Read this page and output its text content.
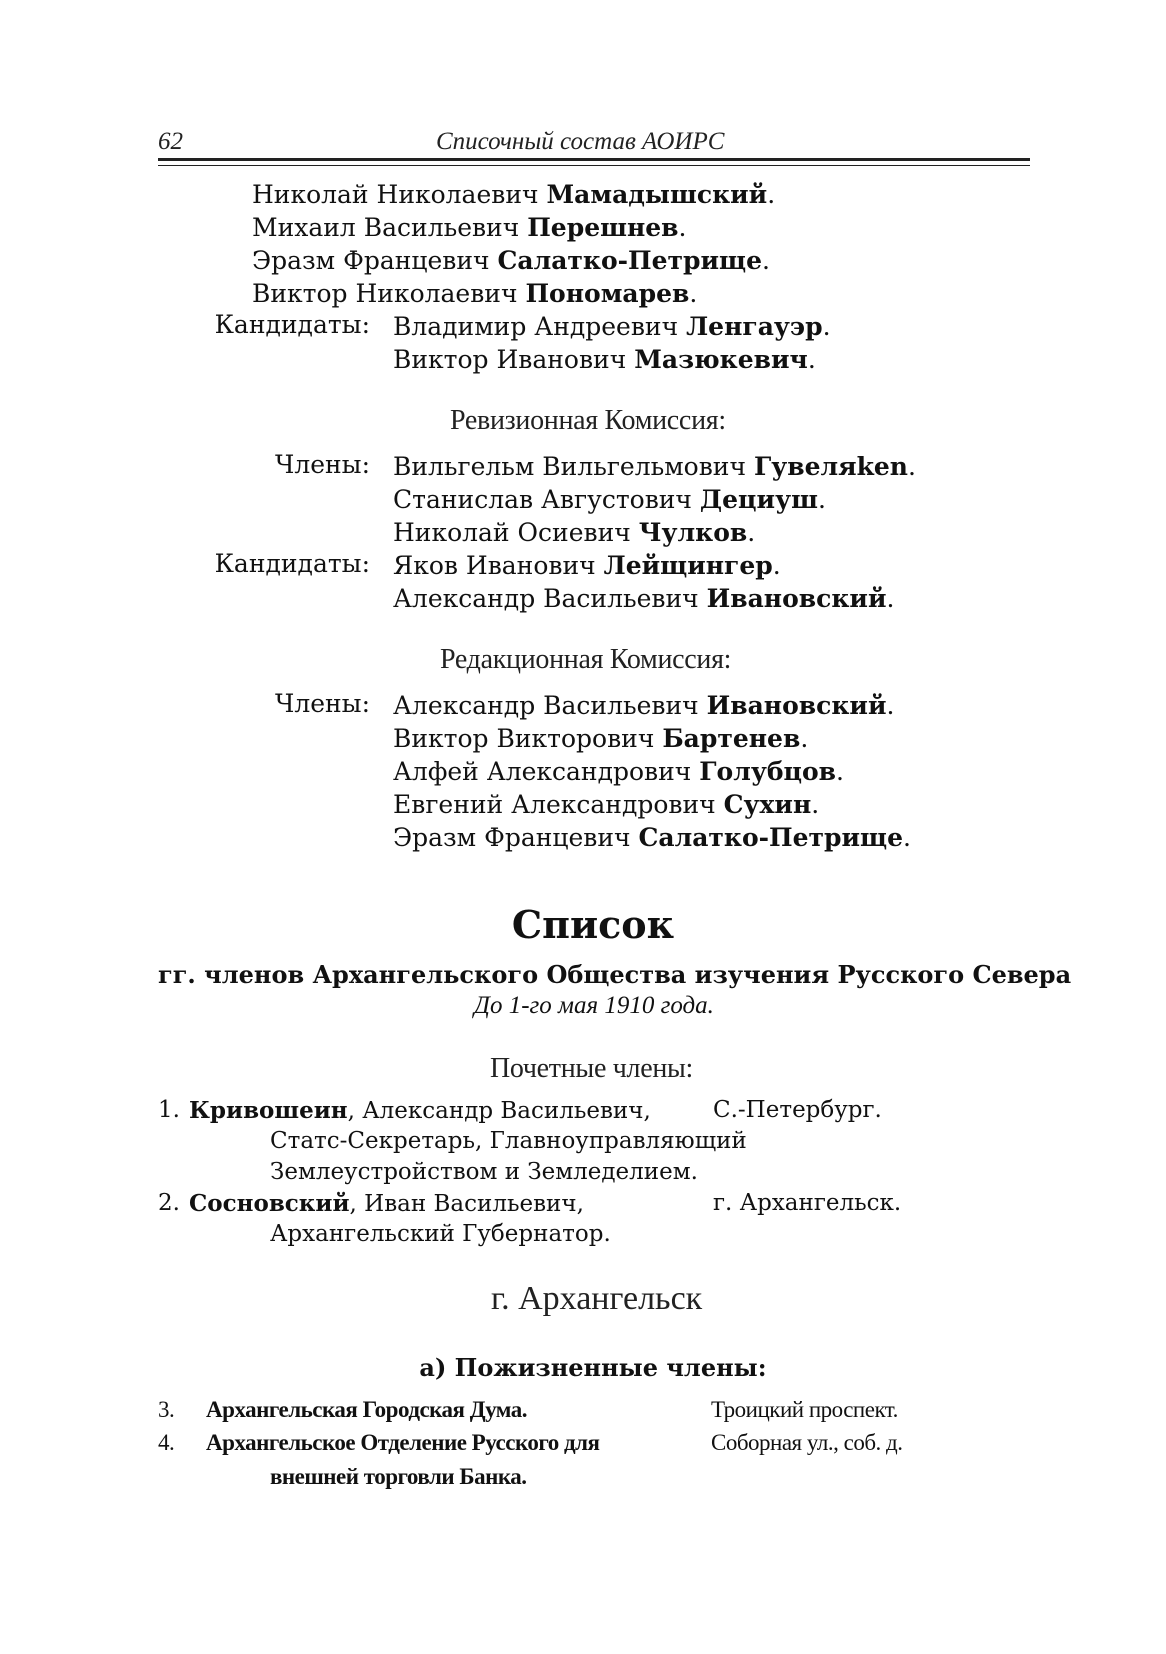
62	Списочный состав АОИРС
Николай Николаевич Мамадышский.
Михаил Васильевич Перешнев.
Эразм Францевич Салатко-Петрище.
Виктор Николаевич Пономарев.
Кандидаты: Владимир Андреевич Ленгауэр.
Виктор Иванович Мазюкевич.
Ревизионная Комиссия:
Члены: Вильгельм Вильгельмович Гувеляken.
Станислав Августович Дециуш.
Николай Осиевич Чулков.
Кандидаты: Яков Иванович Лейщингер.
Александр Васильевич Ивановский.
Редакционная Комиссия:
Члены: Александр Васильевич Ивановский.
Виктор Викторович Бартенев.
Алфей Александрович Голубцов.
Евгений Александрович Сухин.
Эразм Францевич Салатко-Петрище.
Список
гг. членов Архангельского Общества изучения Русского Севера
До 1-го мая 1910 года.
Почетные члены:
1. Кривошеин, Александр Васильевич,	С.-Петербург.
Статс-Секретарь, Главноуправляющий
Землеустройством и Земледелием.
2. Сосновский, Иван Васильевич,	г. Архангельск.
Архангельский Губернатор.
г. Архангельск
а) Пожизненные члены:
3. Архангельская Городская Дума.	Троицкий проспект.
4. Архангельское Отделение Русского для	Соборная ул., соб. д.
внешней торговли Банка.
